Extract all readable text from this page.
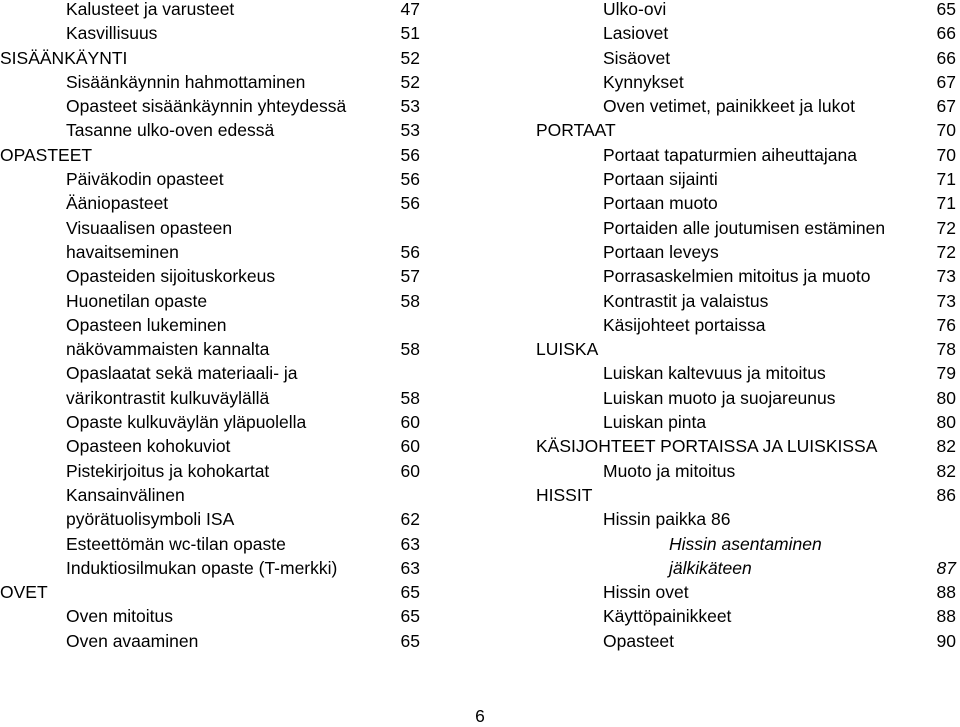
Kalusteet ja varusteet	47
Kasvillisuus	51
SISÄÄNKÄYNTI	52
Sisäänkäynnin hahmottaminen	52
Opasteet sisäänkäynnin yhteydessä	53
Tasanne ulko-oven edessä	53
OPASTEET	56
Päiväkodin opasteet	56
Ääniopasteet	56
Visuaalisen opasteen
havaitseminen	56
Opasteiden sijoituskorkeus	57
Huonetilan opaste	58
Opasteen lukeminen
näkövammaisten kannalta	58
Opaslaatat sekä materiaali- ja
värikontrastit kulkuväylällä	58
Opaste kulkuväylän yläpuolella	60
Opasteen kohokuviot	60
Pistekirjoitus ja kohokartat	60
Kansainvälinen
pyörätuolisymboli ISA	62
Esteettömän wc-tilan opaste	63
Induktiosilmukan opaste (T-merkki)	63
OVET	65
Oven mitoitus	65
Oven avaaminen	65
Ulko-ovi	65
Lasiovet	66
Sisäovet	66
Kynnykset	67
Oven vetimet, painikkeet ja lukot	67
PORTAAT	70
Portaat tapaturmien aiheuttajana	70
Portaan sijainti	71
Portaan muoto	71
Portaiden alle joutumisen estäminen	72
Portaan leveys	72
Porrasaskelmien mitoitus ja muoto	73
Kontrastit ja valaistus	73
Käsijohteet portaissa	76
LUISKA	78
Luiskan kaltevuus ja mitoitus	79
Luiskan muoto ja suojareunus	80
Luiskan pinta	80
KÄSIJOHTEET PORTAISSA JA LUISKISSA	82
Muoto ja mitoitus	82
HISSIT	86
Hissin paikka 86
Hissin asentaminen
jälkikäteen	87
Hissin ovet	88
Käyttöpainikkeet	88
Opasteet	90
6
